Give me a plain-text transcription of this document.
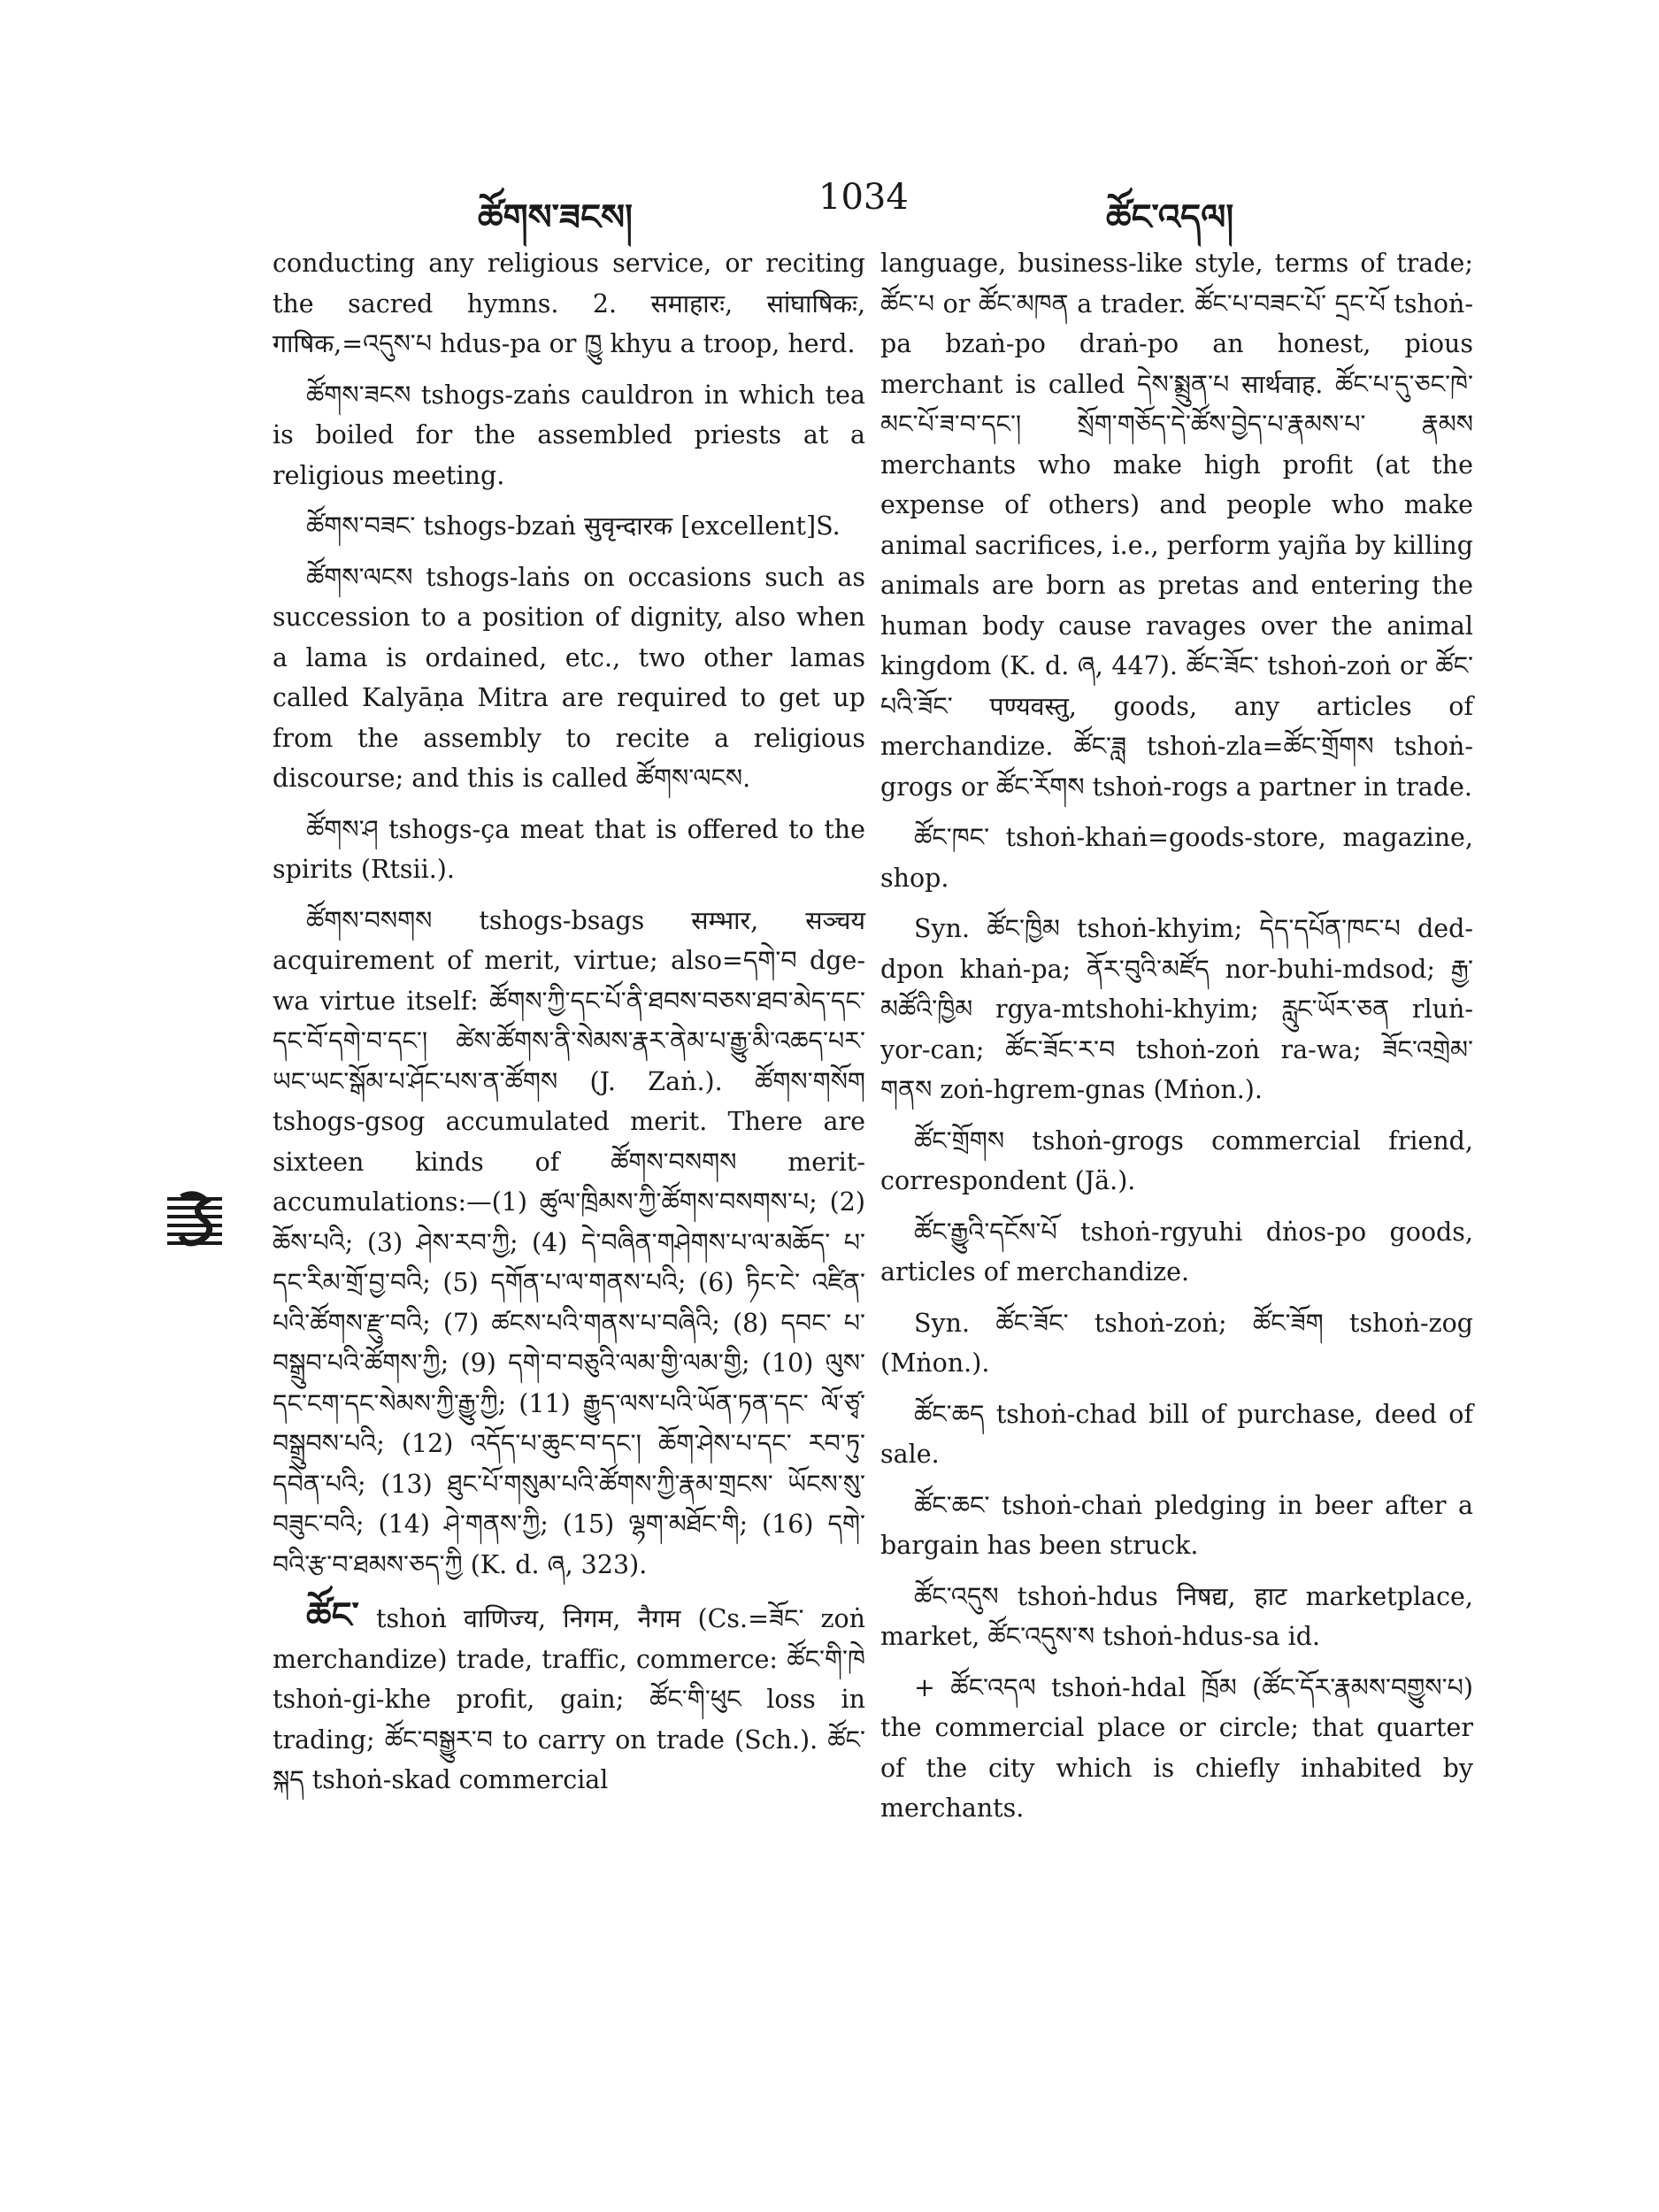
ཚོགས་ཟངས།	1034	ཚོང་འདལ།

conducting any religious service, or reciting the sacred hymns. 2. समाहारः, सांघाषिकः, गाषिक,=འདུས་པ hdus-pa or ཁྱུ khyu a troop, herd.

ཚོགས་ཟངས tshogs-zaṅs cauldron in which tea is boiled for the assembled priests at a religious meeting.

ཚོགས་བཟང་ tshogs-bzaṅ सुवृन्दारक [excellent]S.

ཚོགས་ལངས tshogs-laṅs on occasions such as succession to a position of dignity, also when a lama is ordained, etc., two other lamas called Kalyāṇa Mitra are required to get up from the assembly to recite a religious discourse; and this is called ཚོགས་ལངས.

ཚོགས་ཤ tshogs-ça meat that is offered to the spirits (Rtsii.).

ཚོགས་བསགས tshogs-bsags सम्भार, सञ्चय acquirement of merit, virtue; also=དགེ་བ dge-wa virtue itself: ཚོགས་ཀྱི་དང་པོ་ནི་ཐབས་བཅས་ཐབ་མེད་དང་ དང་བོ་དགེ་བ་དང་། ཚེས་ཚོགས་ནི་སེམས་རྣར་ནེམ་པ་རྒྱུ་མི་འཆད་པར་ ཡང་ཡང་སྒོམ་པ་ཤོང་པས་ན་ཚོགས (J. Zaṅ.). ཚོགས་གསོག tshogs-gsog accumulated merit. There are sixteen kinds of ཚོགས་བསགས merit-accumulations:—(1) ཚུལ་ཁྲིམས་ཀྱི་ཚོགས་བསགས་པ; (2) ཆོས་པའི; (3) ཤེས་རབ་ཀྱི; (4) དེ་བཞིན་གཤེགས་པ་ལ་མཆོད་ པ་དང་རིམ་གྲོ་བྱ་བའི; (5) དགོན་པ་ལ་གནས་པའི; (6) ཏིང་ངེ་ འཛིན་པའི་ཚོགས་རྫུ་བའི; (7) ཚངས་པའི་གནས་པ་བཞིའི; (8) དབང་ པ་བསྒྲུབ་པའི་ཚོགས་ཀྱི; (9) དགེ་བ་བཅུའི་ལམ་གྱི་ལམ་གྱི; (10) ལུས་དང་ངག་དང་སེམས་ཀྱི་རྒྱུ་ཀྱི; (11) རྒྱུད་ལས་པའི་ཡོན་ཏན་དང་ ལོ་ཙྭ་བསྒྲུབས་པའི; (12) འདོད་པ་ཆུང་བ་དང་། ཆོག་ཤེས་པ་དང་ རབ་ཏུ་དབེན་པའི; (13) ཐུང་པོ་གསུམ་པའི་ཚོགས་ཀྱི་རྣམ་གྲངས་ ཡོངས་སུ་བཟུང་བའི; (14) ཤེ་གནས་ཀྱི; (15) ལྷག་མཐོང་གི; (16) དགེ་བའི་རྩ་བ་ཐམས་ཅད་ཀྱི (K. d. ཞ, 323).

ཚོང་ tshoṅ वाणिज्य, निगम, नैगम (Cs.=ཟོང་ zoṅ merchandize) trade, traffic, commerce: ཚོང་གི་ཁེ tshoṅ-gi-khe profit, gain; ཚོང་གི་ཕུང loss in trading; ཚོང་བསྒྱུར་བ to carry on trade (Sch.). ཚོང་སྐད tshoṅ-skad commercial

language, business-like style, terms of trade; ཚོང་པ or ཚོང་མཁན a trader. ཚོང་པ་བཟང་པོ་ དྲང་པོ tshoṅ-pa bzaṅ-po draṅ-po an honest, pious merchant is called དེས་སྨྲུན་པ सार्थवाह. ཚོང་པ་དུ་ཅང་ཁེ་མང་པོ་ཟ་བ་དང་། སྲོག་གཅོད་དེ་ཚོས་བྱེད་པ་རྣམས་པ་ རྣམས merchants who make high profit (at the expense of others) and people who make animal sacrifices, i.e., perform yajña by killing animals are born as pretas and entering the human body cause ravages over the animal kingdom (K. d. ཞ, 447). ཚོང་ཟོང་ tshoṅ-zoṅ or ཚོང་པའི་ཟོང་ पण्यवस्तु, goods, any articles of merchandize. ཚོང་ཟླ tshoṅ-zla=ཚོང་གྲོགས tshoṅ-grogs or ཚོང་རོགས tshoṅ-rogs a partner in trade.

ཚོང་ཁང་ tshoṅ-khaṅ=goods-store, magazine, shop.

Syn. ཚོང་ཁྱིམ tshoṅ-khyim; དེད་དཔོན་ཁང་པ ded-dpon khaṅ-pa; ནོར་བུའི་མཛོད nor-buhi-mdsod; རྒྱ་མཚོའི་ཁྱིམ rgya-mtshohi-khyim; རླུང་ཡོར་ཅན rluṅ-yor-can; ཚོང་ཟོང་ར་བ tshoṅ-zoṅ ra-wa; ཟོང་འགྲེམ་གནས zoṅ-hgrem-gnas (Mṅon.).

ཚོང་གྲོགས tshoṅ-grogs commercial friend, correspondent (Jä.).

ཚོང་རྒྱུའི་དངོས་པོ tshoṅ-rgyuhi dṅos-po goods, articles of merchandize.

Syn. ཚོང་ཟོང་ tshoṅ-zoṅ; ཚོང་ཟོག tshoṅ-zog (Mṅon.).

ཚོང་ཆད tshoṅ-chad bill of purchase, deed of sale.

ཚོང་ཆང་ tshoṅ-chaṅ pledging in beer after a bargain has been struck.

ཚོང་འདུས tshoṅ-hdus निषद्य, हाट marketplace, market, ཚོང་འདུས་ས tshoṅ-hdus-sa id.

+ ཚོང་འདལ tshoṅ-hdal ཁྲོམ (ཚོང་དོར་རྣམས་བགྱུས་པ) the commercial place or circle; that quarter of the city which is chiefly inhabited by merchants.
